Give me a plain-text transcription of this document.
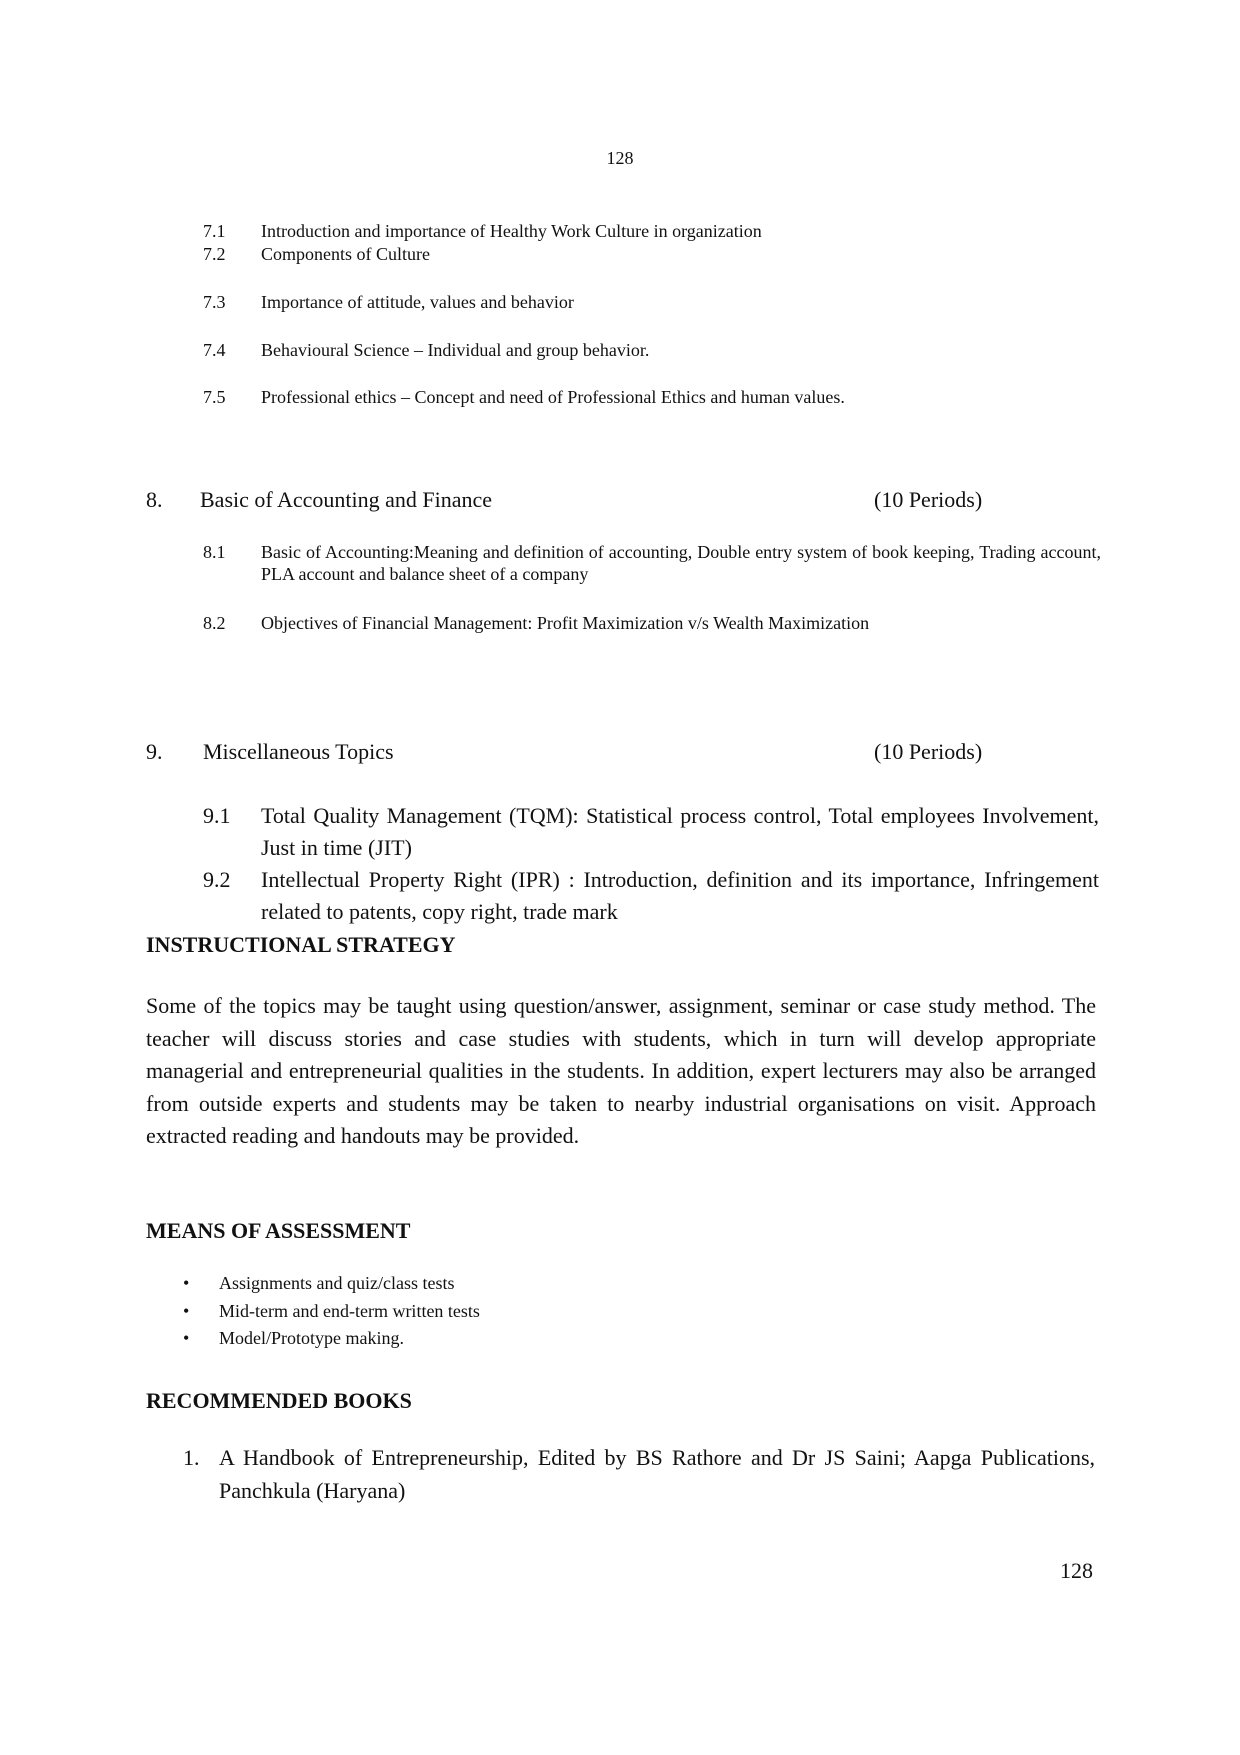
128
7.1 Introduction and importance of Healthy Work Culture in organization
7.2 Components of Culture
7.3 Importance of attitude, values and behavior
7.4 Behavioural Science – Individual and group behavior.
7.5 Professional ethics – Concept and need of Professional Ethics and human values.
8. Basic of Accounting and Finance	(10 Periods)
8.1 Basic of Accounting:Meaning and definition of accounting, Double entry system of book keeping, Trading account, PLA account and balance sheet of a company
8.2 Objectives of Financial Management: Profit Maximization v/s Wealth Maximization
9. Miscellaneous Topics	(10 Periods)
9.1 Total Quality Management (TQM): Statistical process control, Total employees Involvement, Just in time (JIT)
9.2 Intellectual Property Right (IPR) : Introduction, definition and its importance, Infringement related to patents, copy right, trade mark
INSTRUCTIONAL STRATEGY
Some of the topics may be taught using question/answer, assignment, seminar or case study method. The teacher will discuss stories and case studies with students, which in turn will develop appropriate managerial and entrepreneurial qualities in the students. In addition, expert lecturers may also be arranged from outside experts and students may be taken to nearby industrial organisations on visit. Approach extracted reading and handouts may be provided.
MEANS OF ASSESSMENT
• Assignments and quiz/class tests
• Mid-term and end-term written tests
• Model/Prototype making.
RECOMMENDED BOOKS
1. A Handbook of Entrepreneurship, Edited by BS Rathore and Dr JS Saini; Aapga Publications, Panchkula (Haryana)
128
